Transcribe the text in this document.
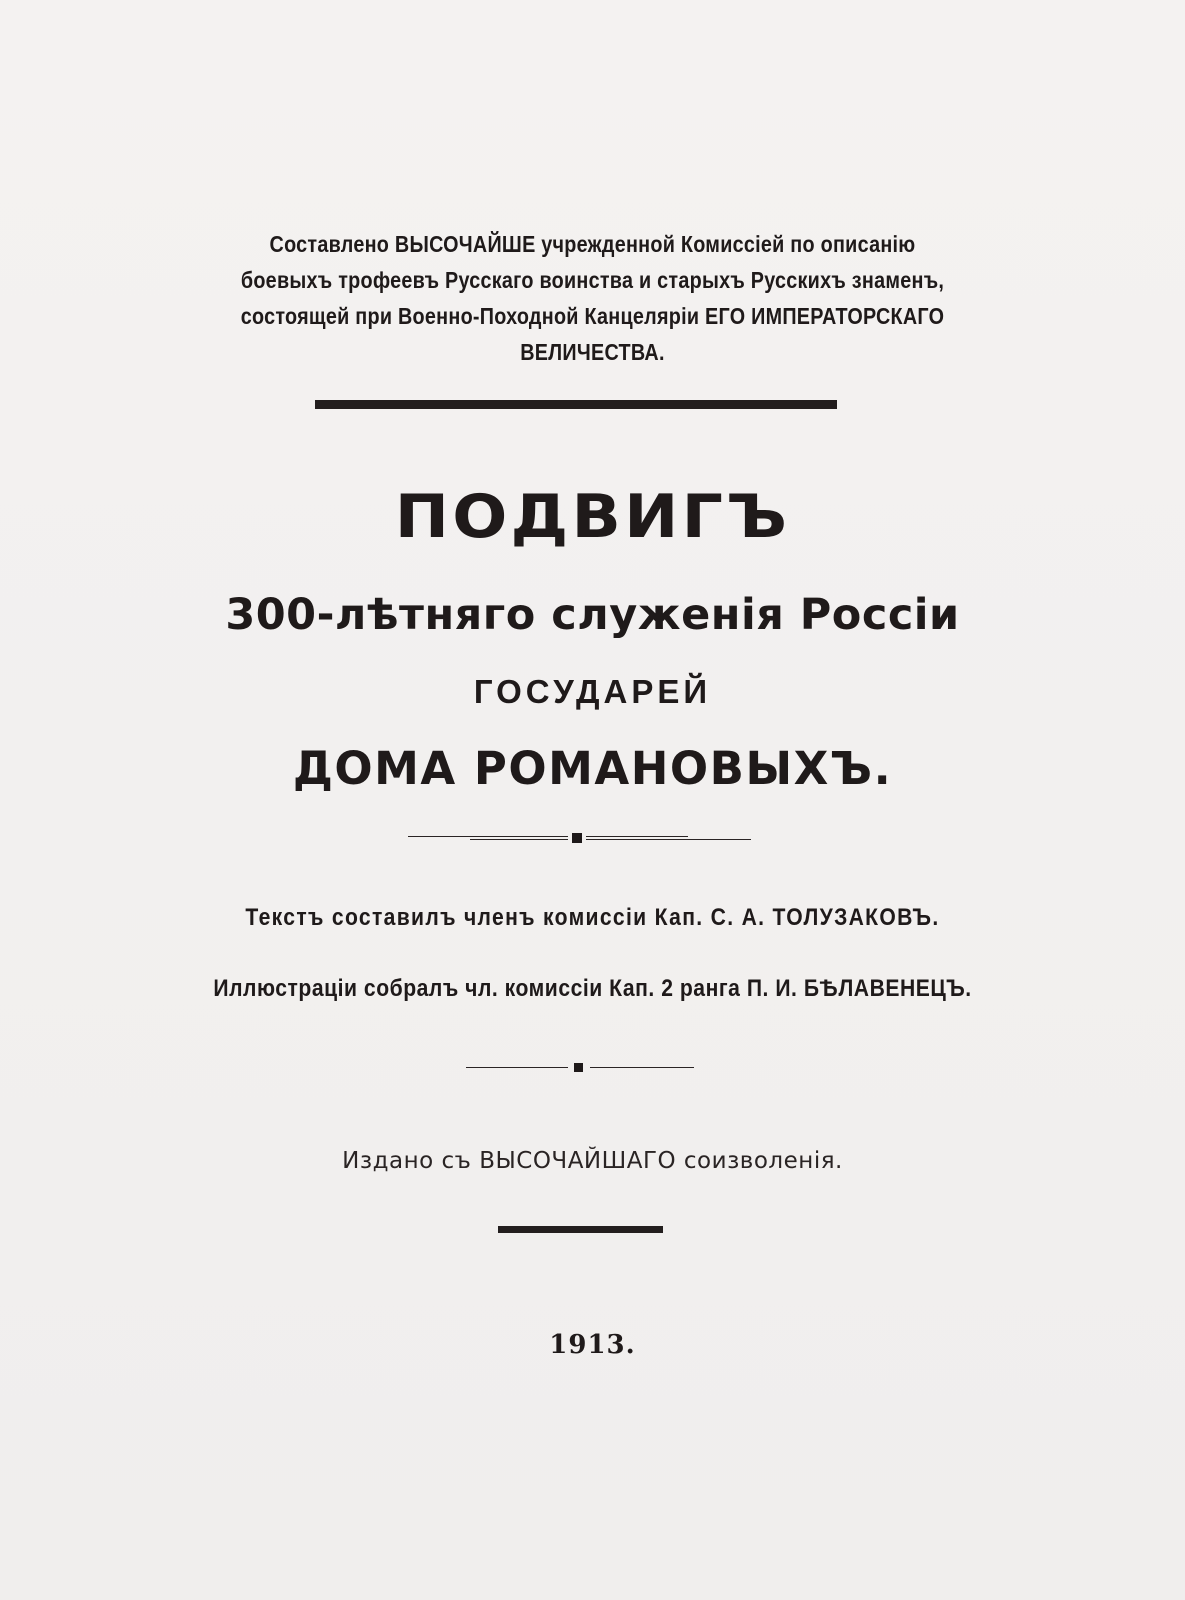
Составлено ВЫСОЧАЙШЕ учрежденной Комиссіей по описанію
боевыхъ трофеевъ Русскаго воинства и старыхъ Русскихъ знаменъ,
состоящей при Военно-Походной Канцеляріи ЕГО ИМПЕРАТОРСКАГО
ВЕЛИЧЕСТВА.
ПОДВИГЪ
300-лѣтняго служенія Россіи
ГОСУДАРЕЙ
ДОМА РОМАНОВЫХЪ.
Текстъ составилъ членъ комиссіи Кап. С. А. ТОЛУЗАКОВЪ.
Иллюстраціи собралъ чл. комиссіи Кап. 2 ранга П. И. БѢЛАВЕНЕЦЪ.
Издано съ ВЫСОЧАЙШАГО соизволенія.
1913.
